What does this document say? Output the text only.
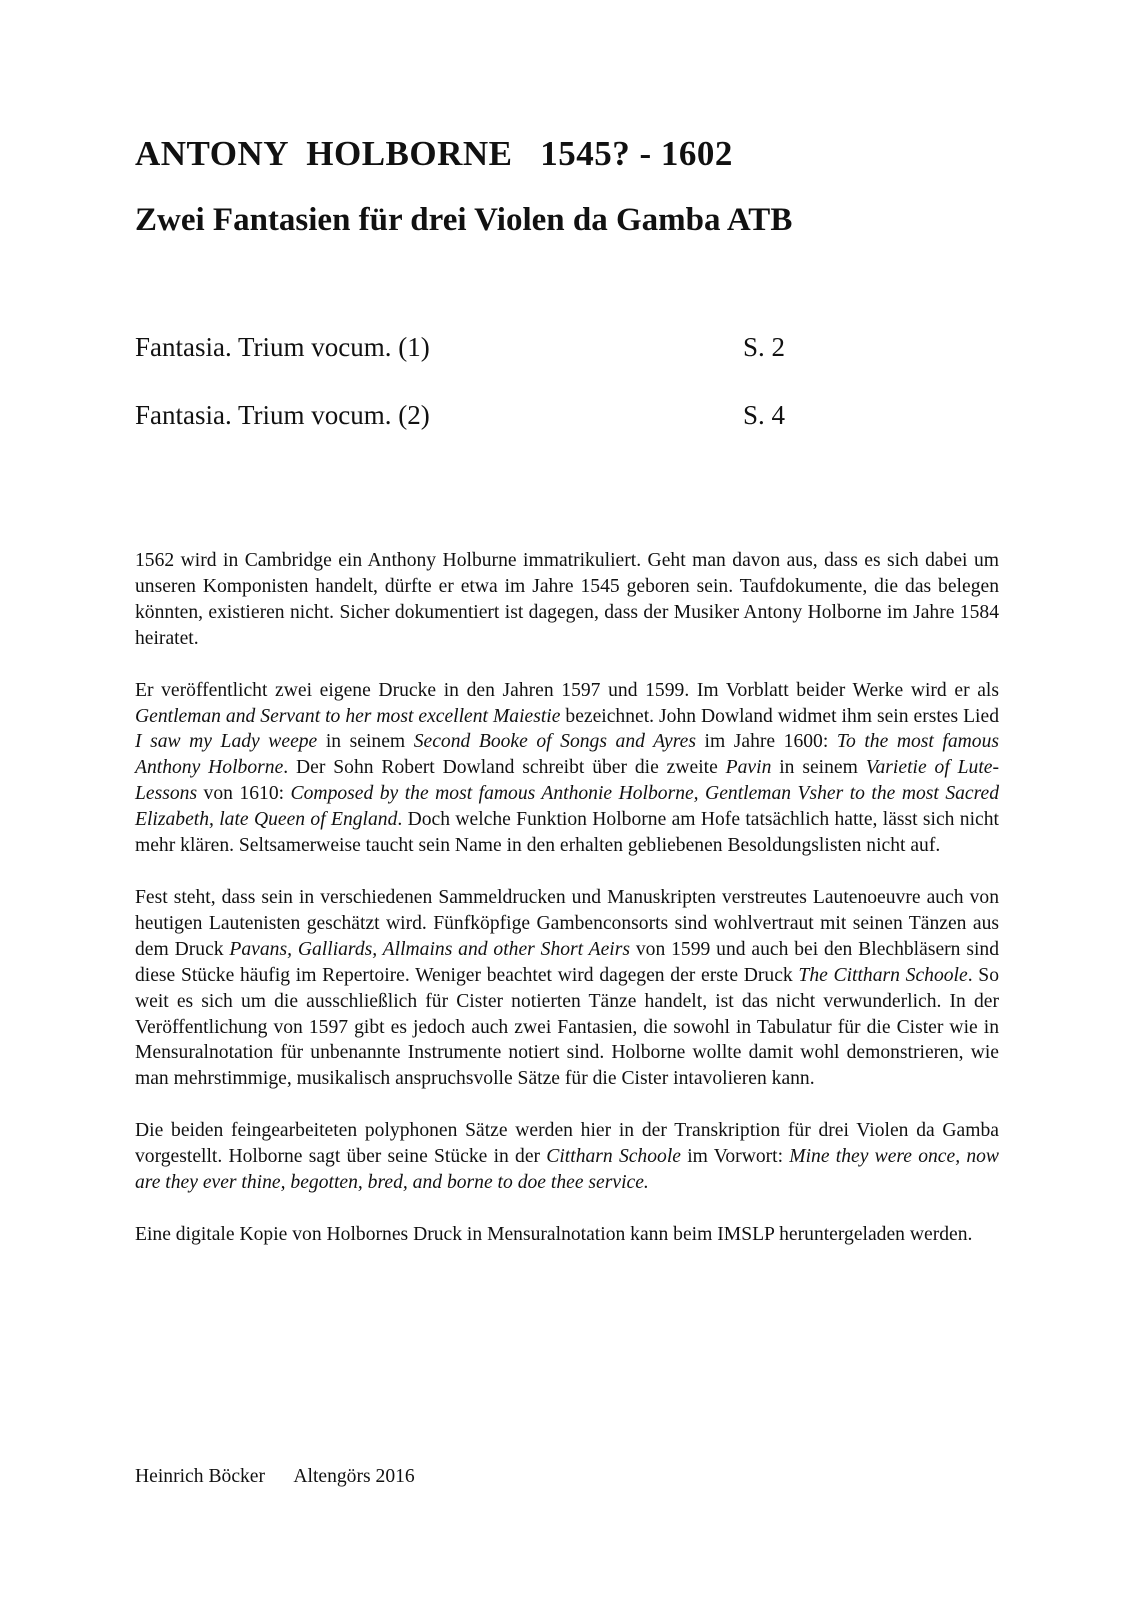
ANTONY  HOLBORNE   1545? - 1602
Zwei Fantasien für drei Violen da Gamba ATB
Fantasia. Trium vocum. (1)	S. 2
Fantasia. Trium vocum. (2)	S. 4

1562 wird in Cambridge ein Anthony Holburne immatrikuliert. Geht man davon aus, dass es sich dabei um unseren Komponisten handelt, dürfte er etwa im Jahre 1545 geboren sein. Taufdokumente, die das belegen könnten, existieren nicht. Sicher dokumentiert ist dagegen, dass der Musiker Antony Holborne im Jahre 1584 heiratet.

Er veröffentlicht zwei eigene Drucke in den Jahren 1597 und 1599. Im Vorblatt beider Werke wird er als Gentleman and Servant to her most excellent Maiestie bezeichnet. John Dowland widmet ihm sein erstes Lied I saw my Lady weepe in seinem Second Booke of Songs and Ayres im Jahre 1600: To the most famous Anthony Holborne. Der Sohn Robert Dowland schreibt über die zweite Pavin in seinem Varietie of Lute-Lessons von 1610: Composed by the most famous Anthonie Holborne, Gentleman Vsher to the most Sacred Elizabeth, late Queen of England. Doch welche Funktion Holborne am Hofe tatsächlich hatte, lässt sich nicht mehr klären. Seltsamerweise taucht sein Name in den erhalten gebliebenen Besoldungslisten nicht auf.

Fest steht, dass sein in verschiedenen Sammeldrucken und Manuskripten verstreutes Lautenoeuvre auch von heutigen Lautenisten geschätzt wird. Fünfköpfige Gambenconsorts sind wohlvertraut mit seinen Tänzen aus dem Druck Pavans, Galliards, Allmains and other Short Aeirs von 1599 und auch bei den Blechbläsern sind diese Stücke häufig im Repertoire. Weniger beachtet wird dagegen der erste Druck The Cittharn Schoole. So weit es sich um die ausschließlich für Cister notierten Tänze handelt, ist das nicht verwunderlich. In der Veröffentlichung von 1597 gibt es jedoch auch zwei Fantasien, die sowohl in Tabulatur für die Cister wie in Mensuralnotation für unbenannte Instrumente notiert sind. Holborne wollte damit wohl demonstrieren, wie man mehrstimmige, musikalisch anspruchsvolle Sätze für die Cister intavolieren kann.

Die beiden feingearbeiteten polyphonen Sätze werden hier in der Transkription für drei Violen da Gamba vorgestellt. Holborne sagt über seine Stücke in der Cittharn Schoole im Vorwort: Mine they were once, now are they ever thine, begotten, bred, and borne to doe thee service.

Eine digitale Kopie von Holbornes Druck in Mensuralnotation kann beim IMSLP heruntergeladen werden.

Heinrich Böcker Altengörs 2016
